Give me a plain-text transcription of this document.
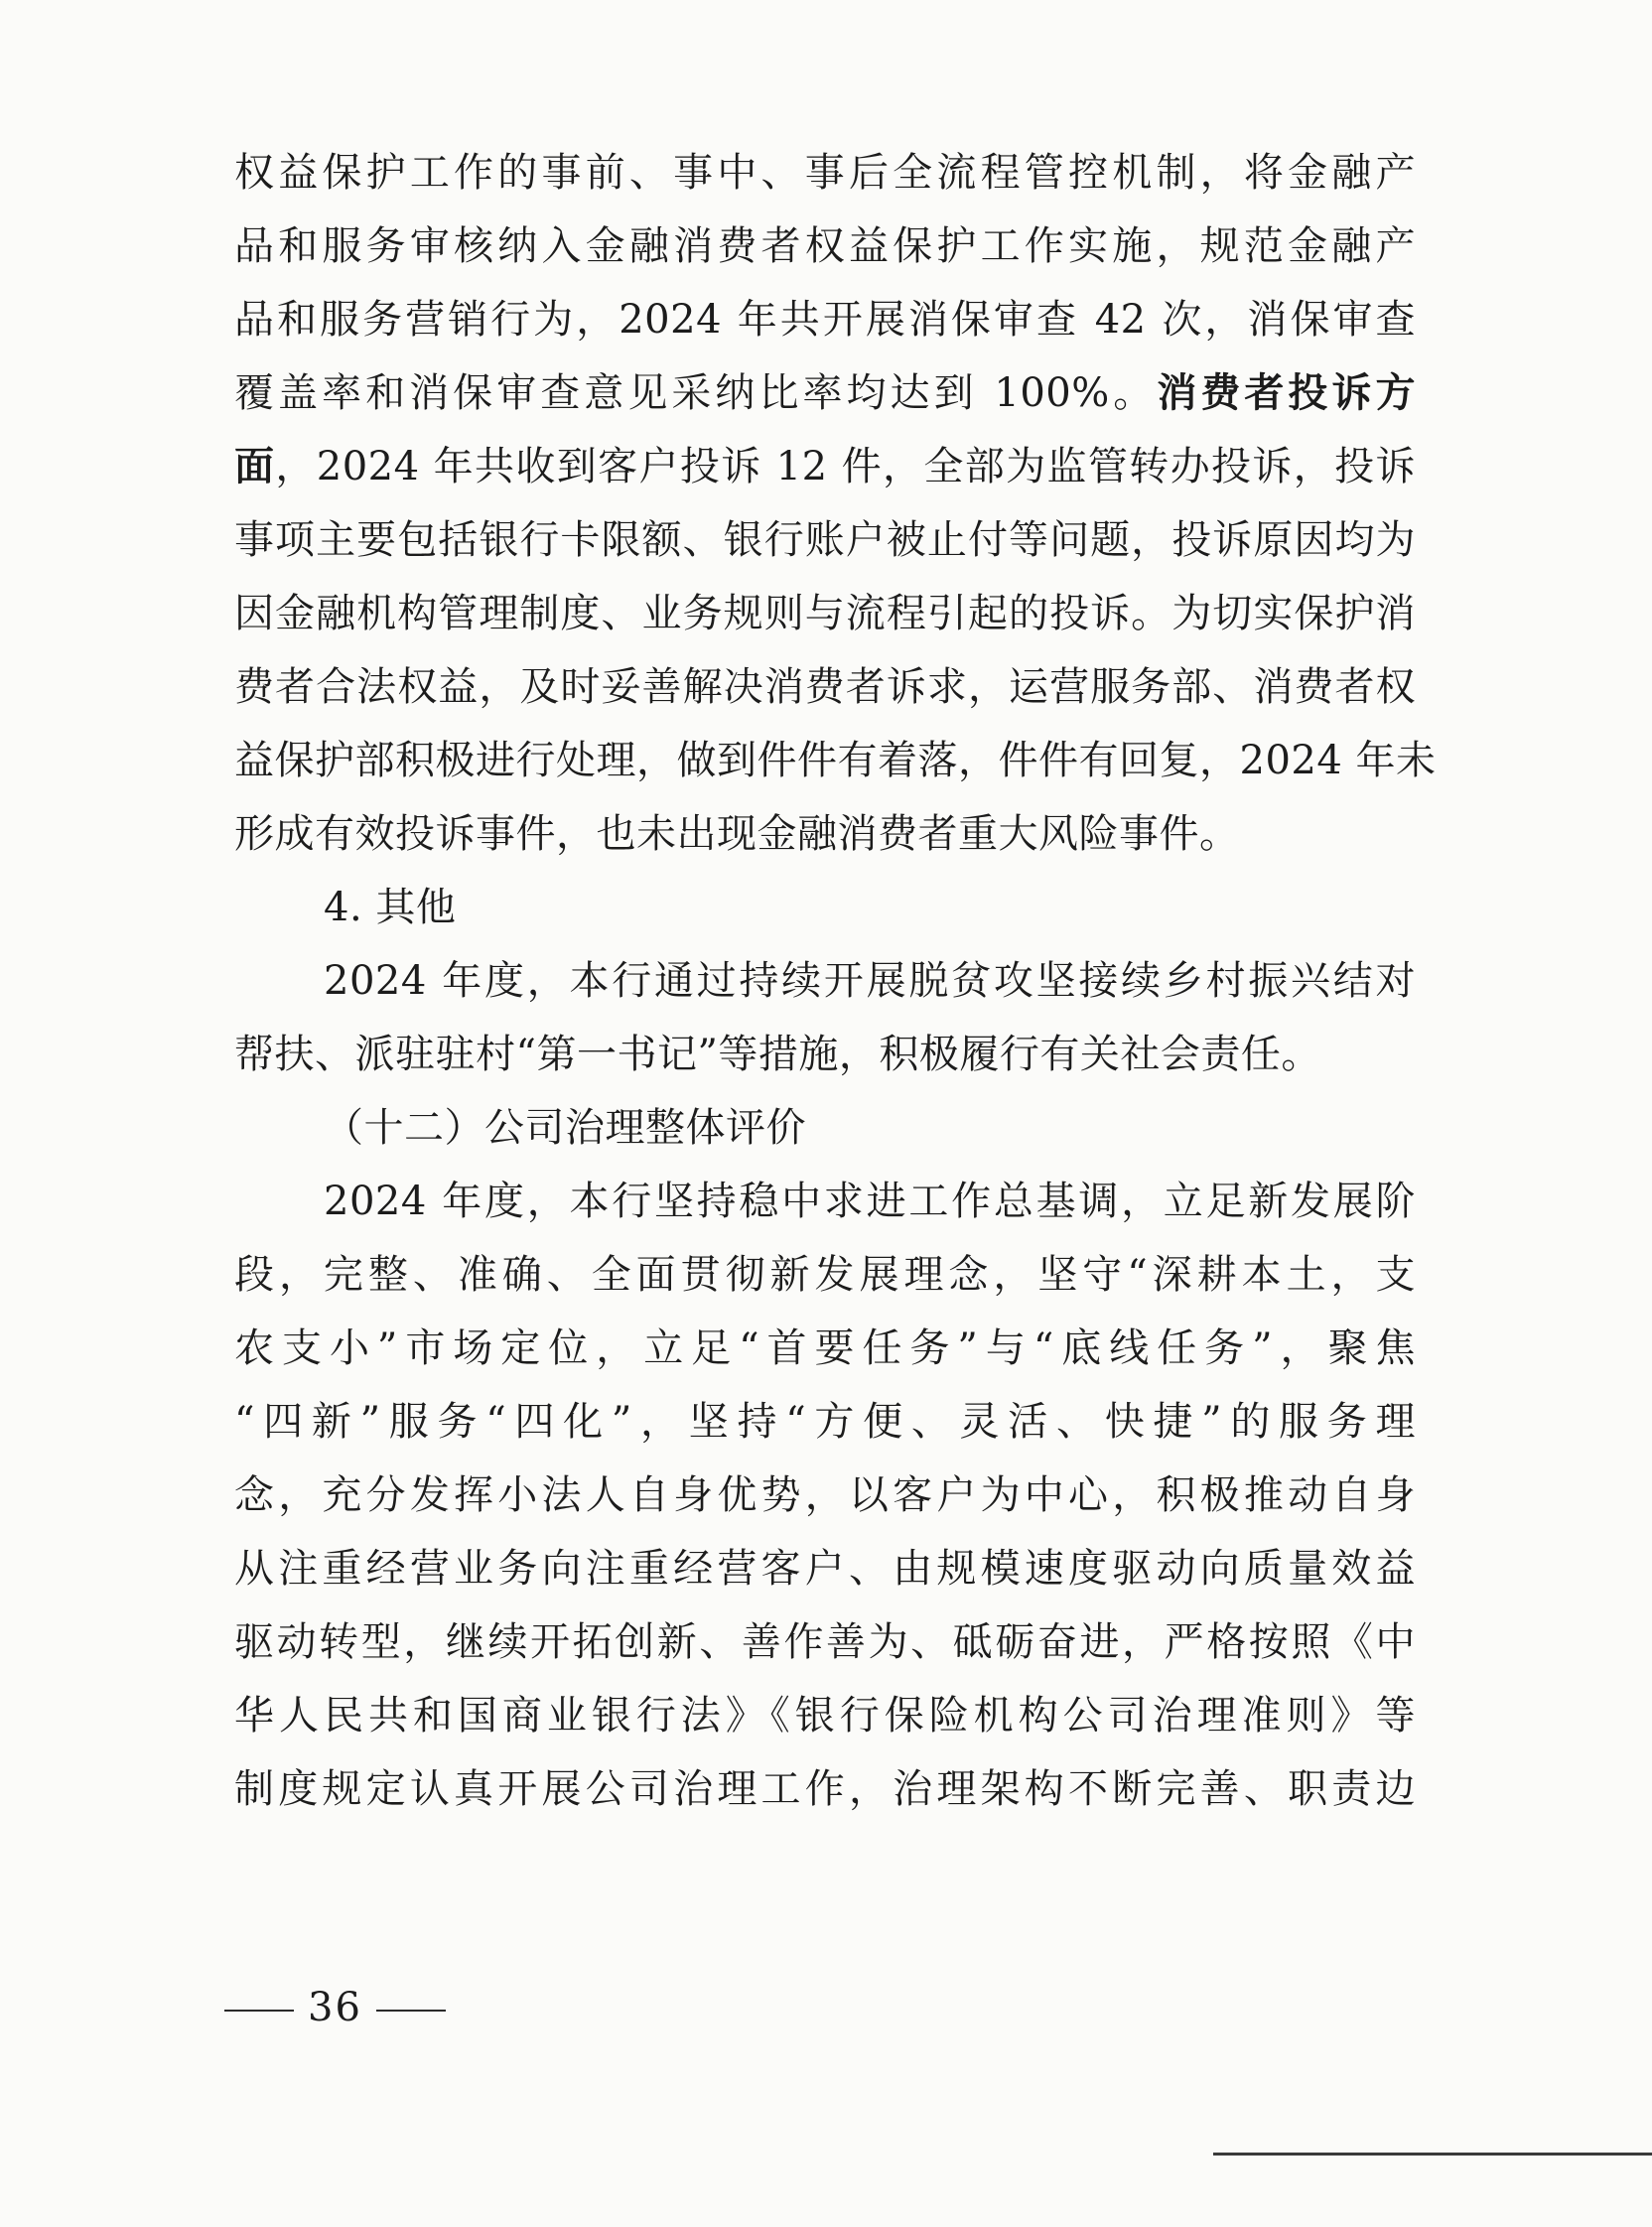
权益保护工作的事前、事中、事后全流程管控机制，将金融产
品和服务审核纳入金融消费者权益保护工作实施，规范金融产
品和服务营销行为，2024 年共开展消保审查 42 次，消保审查
覆盖率和消保审查意见采纳比率均达到 100%。消费者投诉方
面，2024 年共收到客户投诉 12 件，全部为监管转办投诉，投诉
事项主要包括银行卡限额、银行账户被止付等问题，投诉原因均为
因金融机构管理制度、业务规则与流程引起的投诉。为切实保护消
费者合法权益，及时妥善解决消费者诉求，运营服务部、消费者权
益保护部积极进行处理，做到件件有着落，件件有回复，2024 年未
形成有效投诉事件，也未出现金融消费者重大风险事件。
4. 其他
2024 年度，本行通过持续开展脱贫攻坚接续乡村振兴结对
帮扶、派驻驻村“第一书记”等措施，积极履行有关社会责任。
（十二）公司治理整体评价
2024 年度，本行坚持稳中求进工作总基调，立足新发展阶
段，完整、准确、全面贯彻新发展理念，坚守“深耕本土，支
农支小”市场定位，立足“首要任务”与“底线任务”，聚焦
“四新”服务“四化”，坚持“方便、灵活、快捷”的服务理
念，充分发挥小法人自身优势，以客户为中心，积极推动自身
从注重经营业务向注重经营客户、由规模速度驱动向质量效益
驱动转型，继续开拓创新、善作善为、砥砺奋进，严格按照《中
华人民共和国商业银行法》《银行保险机构公司治理准则》等
制度规定认真开展公司治理工作，治理架构不断完善、职责边
36
